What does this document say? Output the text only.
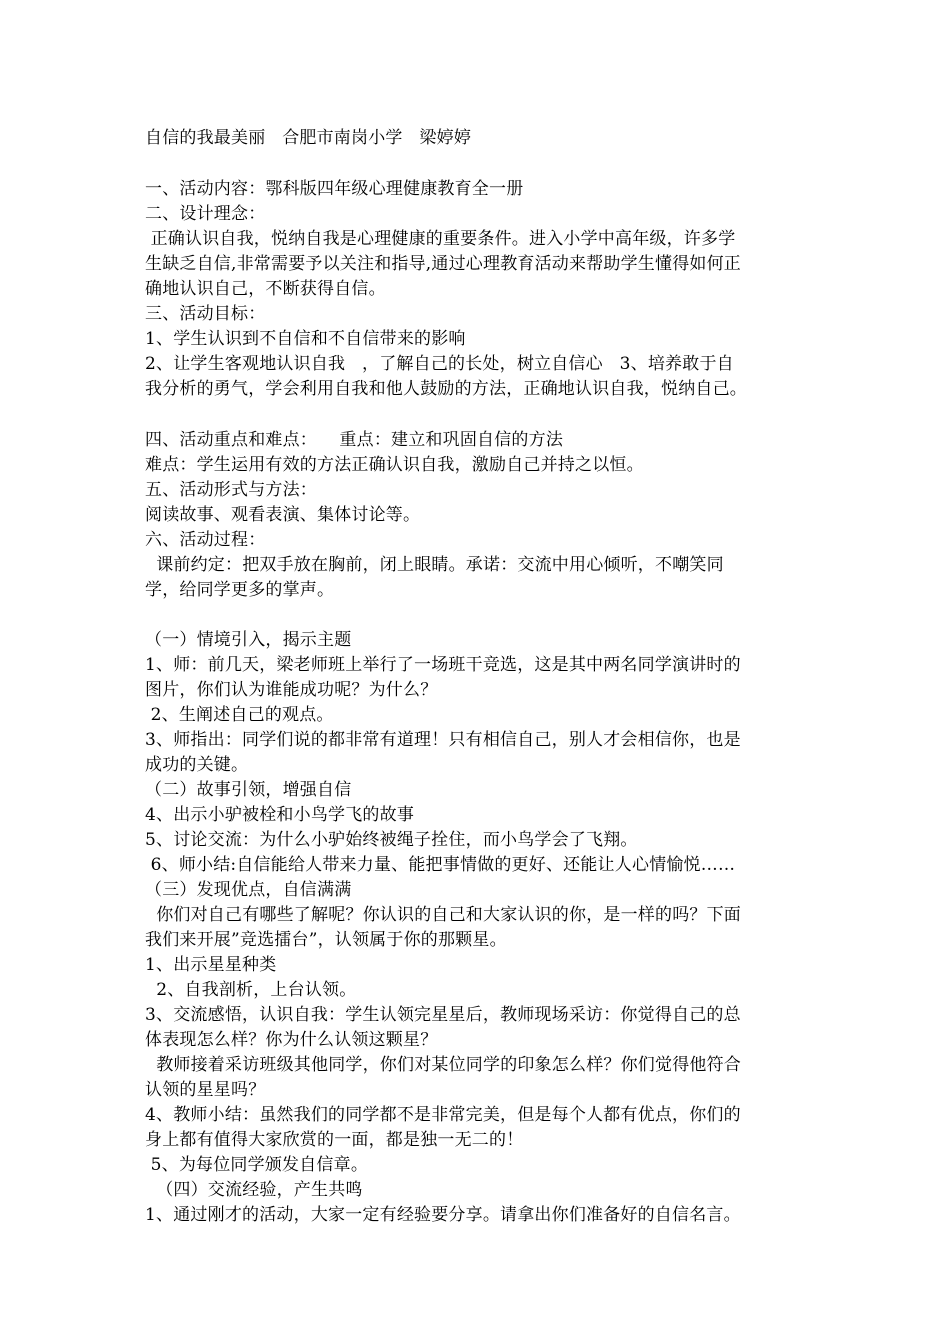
自信的我最美丽   合肥市南岗小学   梁婷婷
一、活动内容：鄂科版四年级心理健康教育全一册
二、设计理念：
正确认识自我，悦纳自我是心理健康的重要条件。进入小学中高年级，许多学
生缺乏自信,非常需要予以关注和指导,通过心理教育活动来帮助学生懂得如何正
确地认识自己，不断获得自信。
三、活动目标：
1、学生认识到不自信和不自信带来的影响
2、让学生客观地认识自我   ，了解自己的长处，树立自信心   3、培养敢于自
我分析的勇气，学会利用自我和他人鼓励的方法，正确地认识自我，悦纳自己。
四、活动重点和难点：    重点：建立和巩固自信的方法
难点：学生运用有效的方法正确认识自我，激励自己并持之以恒。
五、活动形式与方法：
阅读故事、观看表演、集体讨论等。
六、活动过程：
课前约定：把双手放在胸前，闭上眼睛。承诺：交流中用心倾听，不嘲笑同
学，给同学更多的掌声。
（一）情境引入，揭示主题
1、师：前几天，梁老师班上举行了一场班干竞选，这是其中两名同学演讲时的
图片，你们认为谁能成功呢？为什么？
2、生阐述自己的观点。
3、师指出：同学们说的都非常有道理！只有相信自己，别人才会相信你，也是
成功的关键。
（二）故事引领，增强自信
4、出示小驴被栓和小鸟学飞的故事
5、讨论交流：为什么小驴始终被绳子拴住，而小鸟学会了飞翔。
6、师小结:自信能给人带来力量、能把事情做的更好、还能让人心情愉悦……
（三）发现优点，自信满满
你们对自己有哪些了解呢？你认识的自己和大家认识的你，是一样的吗？下面
我们来开展”竞选擂台”，认领属于你的那颗星。
1、出示星星种类
2、自我剖析，上台认领。
3、交流感悟，认识自我：学生认领完星星后，教师现场采访：你觉得自己的总
体表现怎么样？你为什么认领这颗星？
教师接着采访班级其他同学，你们对某位同学的印象怎么样？你们觉得他符合
认领的星星吗？
4、教师小结：虽然我们的同学都不是非常完美，但是每个人都有优点，你们的
身上都有值得大家欣赏的一面，都是独一无二的！
5、为每位同学颁发自信章。
（四）交流经验，产生共鸣
1、通过刚才的活动，大家一定有经验要分享。请拿出你们准备好的自信名言。
